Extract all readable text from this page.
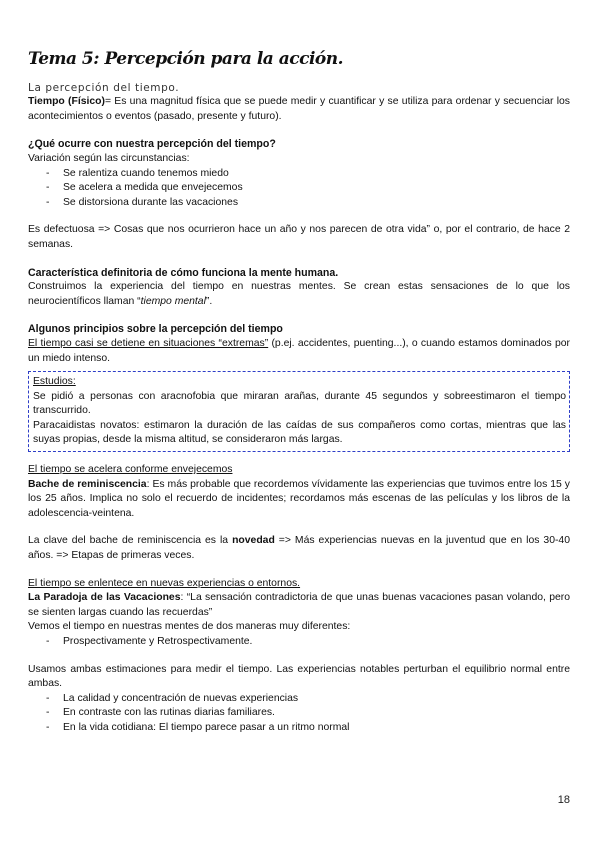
Tema 5: Percepción para la acción.

La percepción del tiempo.

Tiempo (Físico)= Es una magnitud física que se puede medir y cuantificar y se utiliza para ordenar y secuenciar los acontecimientos o eventos (pasado, presente y futuro).

¿Qué ocurre con nuestra percepción del tiempo?

Variación según las circunstancias:

- Se ralentiza cuando tenemos miedo
- Se acelera a medida que envejecemos
- Se distorsiona durante las vacaciones

Es defectuosa => Cosas que nos ocurrieron hace un año y nos parecen de otra vida” o, por el contrario, de hace 2 semanas.

Característica definitoria de cómo funciona la mente humana.

Construimos la experiencia del tiempo en nuestras mentes. Se crean estas sensaciones de lo que los neurocientíficos llaman “tiempo mental”.

Algunos principios sobre la percepción del tiempo

El tiempo casi se detiene en situaciones “extremas” (p.ej. accidentes, puenting...), o cuando estamos dominados por un miedo intenso.

Estudios:

Se pidió a personas con aracnofobia que miraran arañas, durante 45 segundos y sobreestimaron el tiempo transcurrido.

Paracaidistas novatos: estimaron la duración de las caídas de sus compañeros como cortas, mientras que las suyas propias, desde la misma altitud, se consideraron más largas.

El tiempo se acelera conforme envejecemos

Bache de reminiscencia: Es más probable que recordemos vívidamente las experiencias que tuvimos entre los 15 y los 25 años. Implica no solo el recuerdo de incidentes; recordamos más escenas de las películas y los libros de la adolescencia-veintena.

La clave del bache de reminiscencia es la novedad => Más experiencias nuevas en la juventud que en los 30-40 años. => Etapas de primeras veces.

El tiempo se enlentece en nuevas experiencias o entornos.

La Paradoja de las Vacaciones: “La sensación contradictoria de que unas buenas vacaciones pasan volando, pero se sienten largas cuando las recuerdas”

Vemos el tiempo en nuestras mentes de dos maneras muy diferentes:

- Prospectivamente y Retrospectivamente.

Usamos ambas estimaciones para medir el tiempo. Las experiencias notables perturban el equilibrio normal entre ambas.

- La calidad y concentración de nuevas experiencias
- En contraste con las rutinas diarias familiares.
- En la vida cotidiana: El tiempo parece pasar a un ritmo normal
18
